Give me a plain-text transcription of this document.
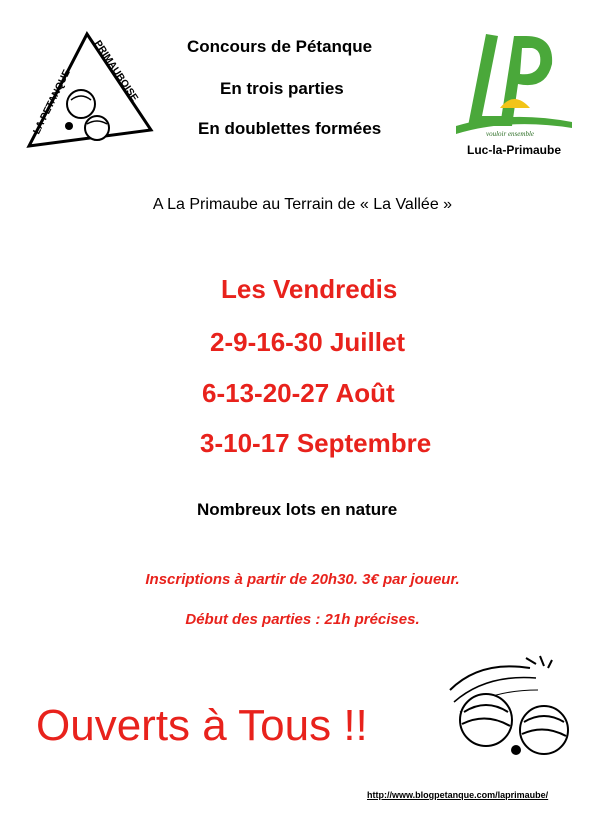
LA PETANQUE
PRIMAUBOISE
Concours de Pétanque
En trois parties
En doublettes formées	vouloir ensemble
Luc-la-Primaube
A La Primaube au Terrain de « La Vallée »
Les Vendredis
2-9-16-30 Juillet
6-13-20-27 Août
3-10-17 Septembre
Nombreux lots en nature
Inscriptions à partir de 20h30. 3€ par joueur.
Début des parties : 21h précises.
Ouverts à Tous !!
http://www.blogpetanque.com/laprimaube/
